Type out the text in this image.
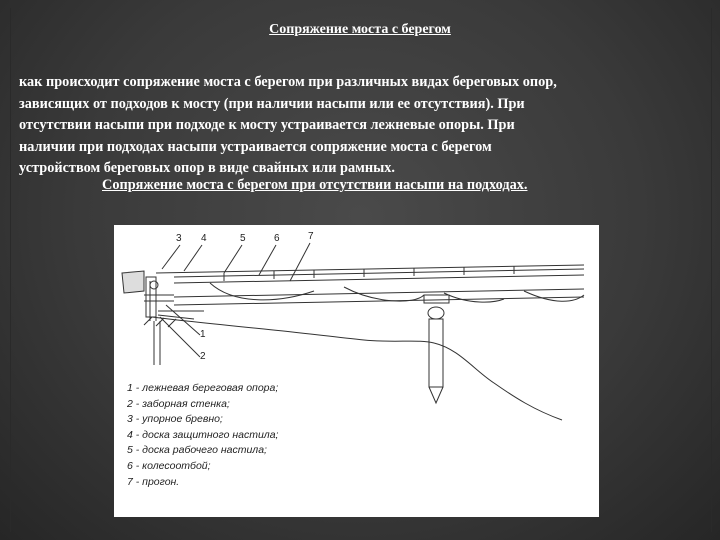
Сопряжение моста с берегом

как происходит сопряжение моста с берегом при различных видах береговых опор,

зависящих от подходов к мосту (при наличии насыпи или ее отсутствия). При

отсутствии насыпи при подходе к мосту устраивается лежневые опоры. При

наличии при подходах насыпи устраивается сопряжение моста с берегом

устройством береговых опор в виде свайных или рамных.

Сопряжение моста с берегом при отсутствии насыпи на подходах.
3 4	5	6	7
1
2
1 - лежневая береговая опора;
2 - заборная стенка;
3 - упорное бревно;
4 - доска защитного настила;
5 - доска рабочего настила;
6 - колесоотбой;
7 - прогон.
